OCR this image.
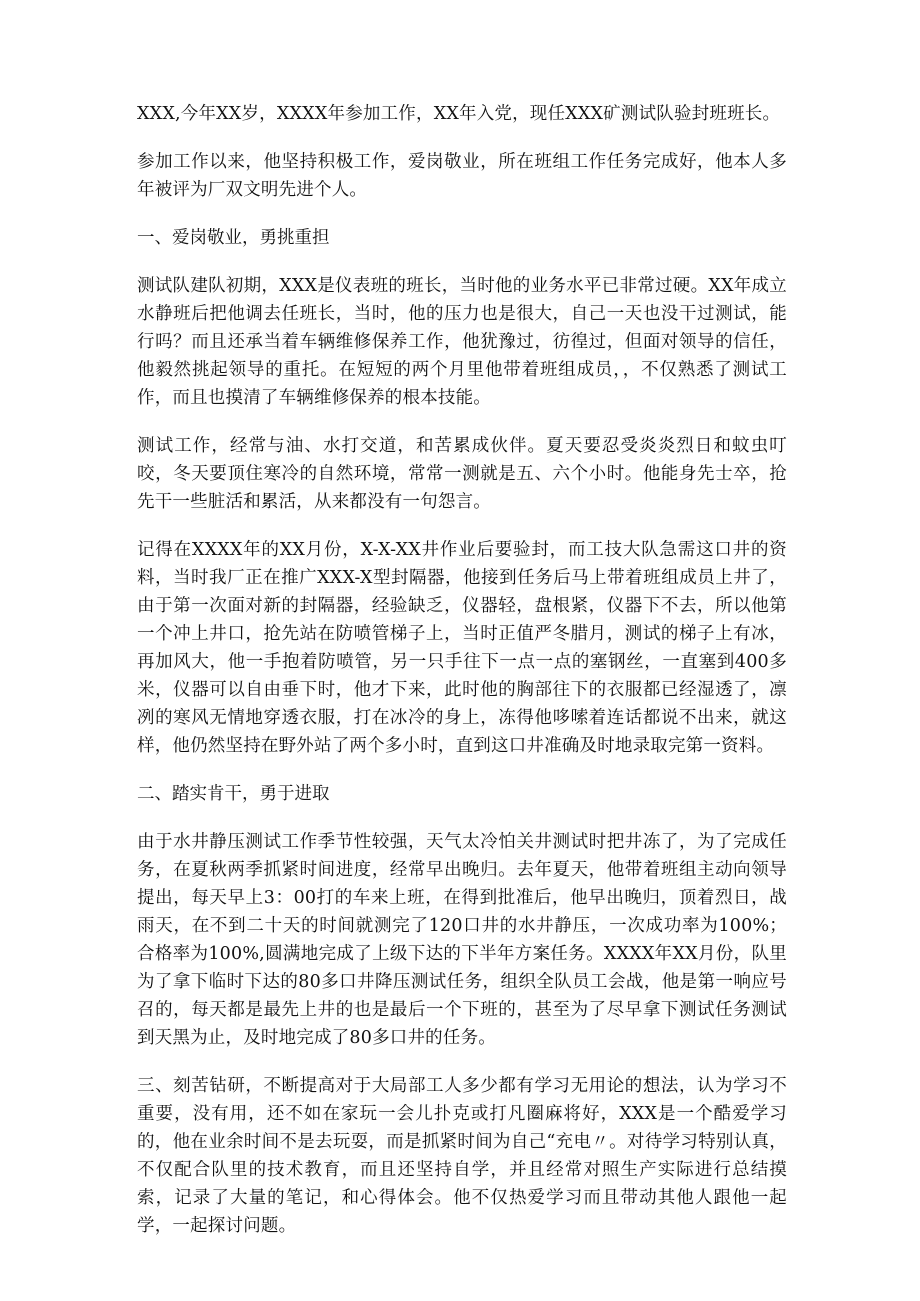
XXX,今年XX岁，XXXX年参加工作，XX年入党，现任XXX矿测试队验封班班长。

参加工作以来，他坚持积极工作，爱岗敬业，所在班组工作任务完成好，他本人多年被评为厂双文明先进个人。

一、爱岗敬业，勇挑重担

测试队建队初期，XXX是仪表班的班长，当时他的业务水平已非常过硬。XX年成立水静班后把他调去任班长，当时，他的压力也是很大，自己一天也没干过测试，能行吗？而且还承当着车辆维修保养工作，他犹豫过，彷徨过，但面对领导的信任，他毅然挑起领导的重托。在短短的两个月里他带着班组成员，，不仅熟悉了测试工作，而且也摸清了车辆维修保养的根本技能。

测试工作，经常与油、水打交道，和苦累成伙伴。夏天要忍受炎炎烈日和蚊虫叮咬，冬天要顶住寒冷的自然环境，常常一测就是五、六个小时。他能身先士卒，抢先干一些脏活和累活，从来都没有一句怨言。

记得在XXXX年的XX月份，X-X-XX井作业后要验封，而工技大队急需这口井的资料，当时我厂正在推广XXX-X型封隔器，他接到任务后马上带着班组成员上井了，由于第一次面对新的封隔器，经验缺乏，仪器轻，盘根紧，仪器下不去，所以他第一个冲上井口，抢先站在防喷管梯子上，当时正值严冬腊月，测试的梯子上有冰，再加风大，他一手抱着防喷管，另一只手往下一点一点的塞钢丝，一直塞到400多米，仪器可以自由垂下时，他才下来，此时他的胸部往下的衣服都已经湿透了，凛冽的寒风无情地穿透衣服，打在冰冷的身上，冻得他哆嗦着连话都说不出来，就这样，他仍然坚持在野外站了两个多小时，直到这口井准确及时地录取完第一资料。

二、踏实肯干，勇于进取

由于水井静压测试工作季节性较强，天气太冷怕关井测试时把井冻了，为了完成任务，在夏秋两季抓紧时间进度，经常早出晚归。去年夏天，他带着班组主动向领导提出，每天早上3：00打的车来上班，在得到批准后，他早出晚归，顶着烈日，战雨天，在不到二十天的时间就测完了120口井的水井静压，一次成功率为100%；合格率为100%,圆满地完成了上级下达的下半年方案任务。XXXX年XX月份，队里为了拿下临时下达的80多口井降压测试任务，组织全队员工会战，他是第一响应号召的，每天都是最先上井的也是最后一个下班的，甚至为了尽早拿下测试任务测试到天黑为止，及时地完成了80多口井的任务。

三、刻苦钻研，不断提高对于大局部工人多少都有学习无用论的想法，认为学习不重要，没有用，还不如在家玩一会儿扑克或打凡圈麻将好，XXX是一个酷爱学习的，他在业余时间不是去玩耍，而是抓紧时间为自己“充电〃。对待学习特别认真，不仅配合队里的技术教育，而且还坚持自学，并且经常对照生产实际进行总结摸索，记录了大量的笔记，和心得体会。他不仅热爱学习而且带动其他人跟他一起学，一起探讨问题。
